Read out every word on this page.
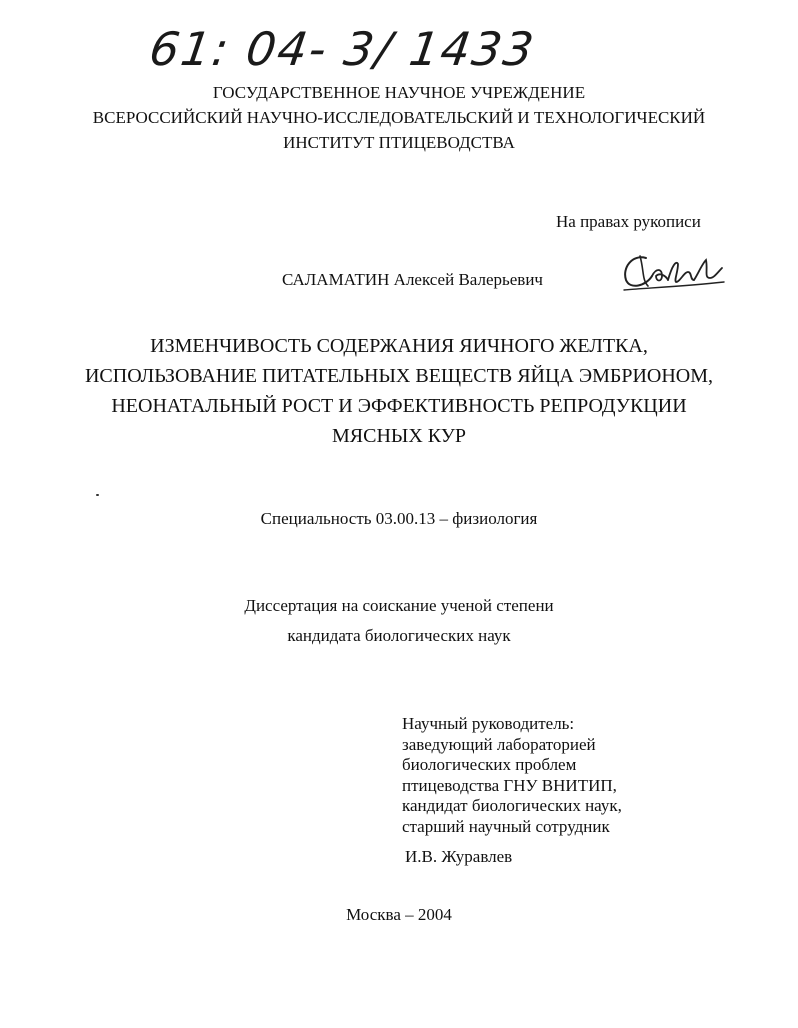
61: 04- 3/ 1433
ГОСУДАРСТВЕННОЕ НАУЧНОЕ УЧРЕЖДЕНИЕ
ВСЕРОССИЙСКИЙ НАУЧНО-ИССЛЕДОВАТЕЛЬСКИЙ И ТЕХНОЛОГИЧЕСКИЙ
ИНСТИТУТ ПТИЦЕВОДСТВА
На правах рукописи
САЛАМАТИН Алексей Валерьевич
ИЗМЕНЧИВОСТЬ СОДЕРЖАНИЯ ЯИЧНОГО ЖЕЛТКА,
ИСПОЛЬЗОВАНИЕ ПИТАТЕЛЬНЫХ ВЕЩЕСТВ ЯЙЦА ЭМБРИОНОМ,
НЕОНАТАЛЬНЫЙ РОСТ И ЭФФЕКТИВНОСТЬ РЕПРОДУКЦИИ
МЯСНЫХ КУР
Специальность 03.00.13 – физиология
Диссертация на соискание ученой степени
кандидата биологических наук
Научный руководитель:
заведующий лабораторией
биологических проблем
птицеводства ГНУ ВНИТИП,
кандидат биологических наук,
старший научный сотрудник
И.В. Журавлев
Москва – 2004
